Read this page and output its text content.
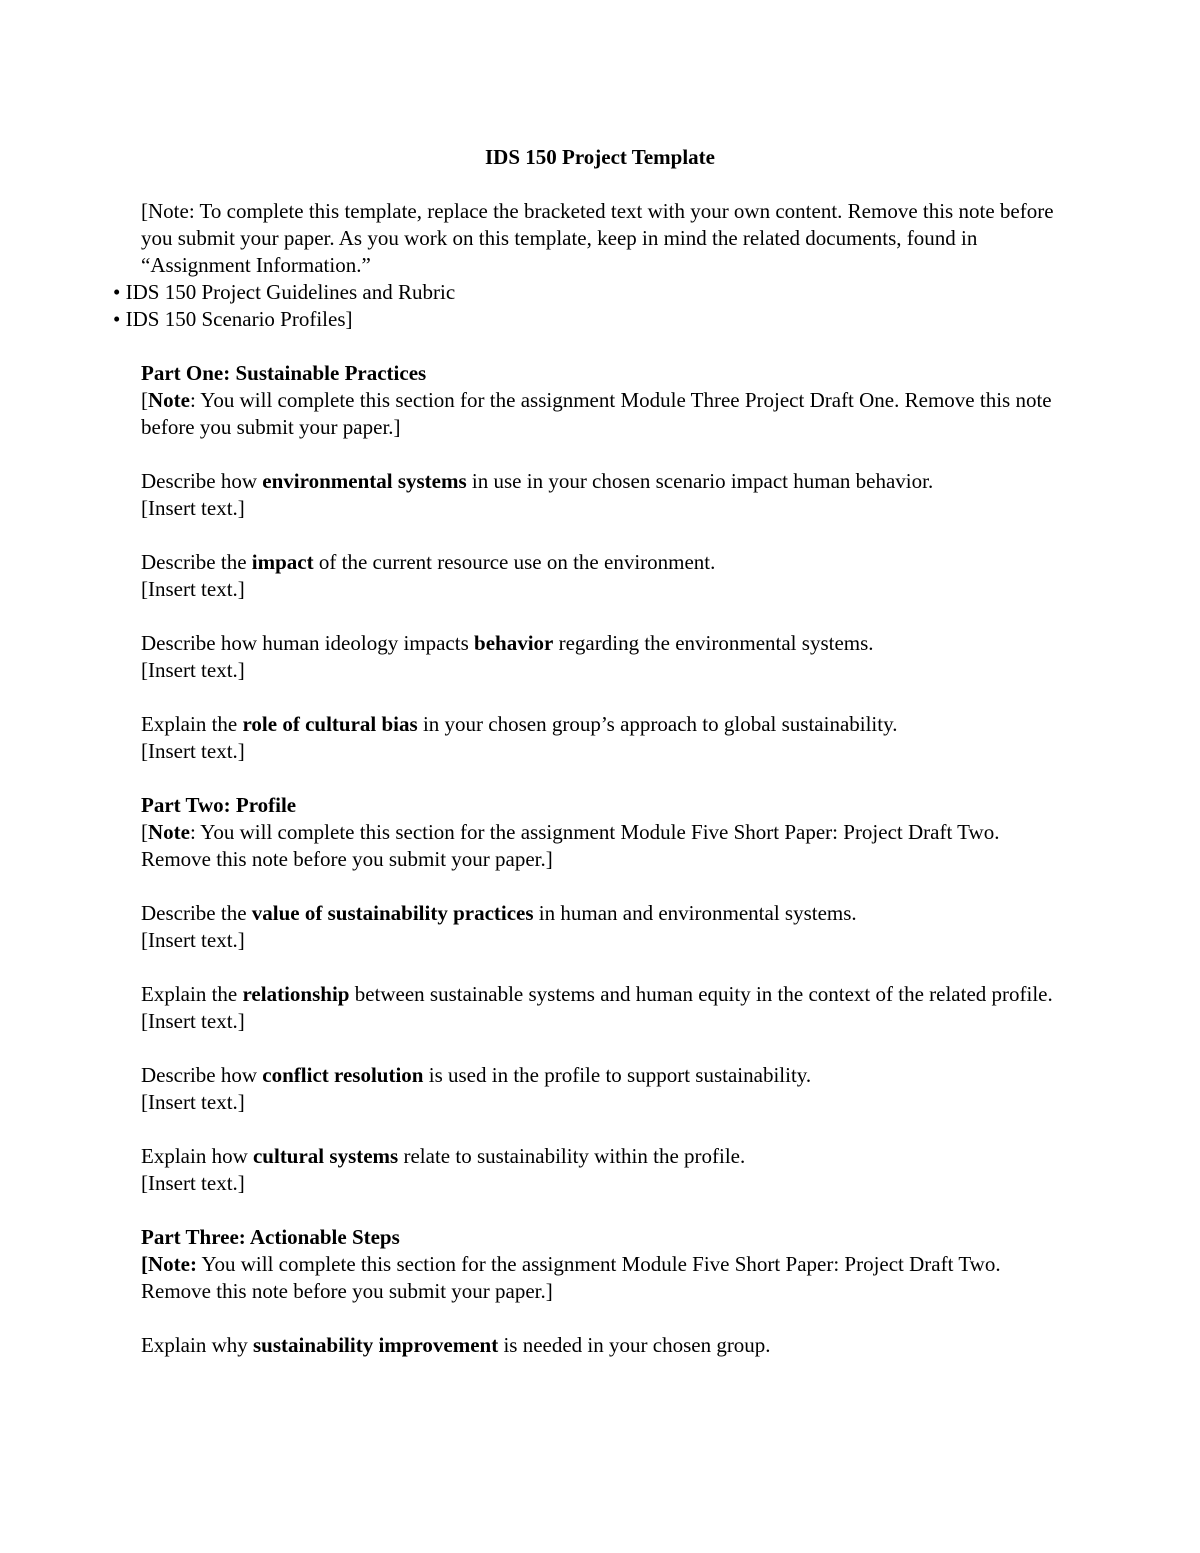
IDS 150 Project Template

[Note: To complete this template, replace the bracketed text with your own content. Remove this note before you submit your paper. As you work on this template, keep in mind the related documents, found in “Assignment Information.”

• IDS 150 Project Guidelines and Rubric

• IDS 150 Scenario Profiles]

Part One: Sustainable Practices

[Note: You will complete this section for the assignment Module Three Project Draft One. Remove this note before you submit your paper.]

Describe how environmental systems in use in your chosen scenario impact human behavior.

[Insert text.]

Describe the impact of the current resource use on the environment.

[Insert text.]

Describe how human ideology impacts behavior regarding the environmental systems.

[Insert text.]

Explain the role of cultural bias in your chosen group’s approach to global sustainability.

[Insert text.]

Part Two: Profile

[Note: You will complete this section for the assignment Module Five Short Paper: Project Draft Two. Remove this note before you submit your paper.]

Describe the value of sustainability practices in human and environmental systems.

[Insert text.]

Explain the relationship between sustainable systems and human equity in the context of the related profile.

[Insert text.]

Describe how conflict resolution is used in the profile to support sustainability.

[Insert text.]

Explain how cultural systems relate to sustainability within the profile.

[Insert text.]

Part Three: Actionable Steps

[Note: You will complete this section for the assignment Module Five Short Paper: Project Draft Two. Remove this note before you submit your paper.]

Explain why sustainability improvement is needed in your chosen group.
